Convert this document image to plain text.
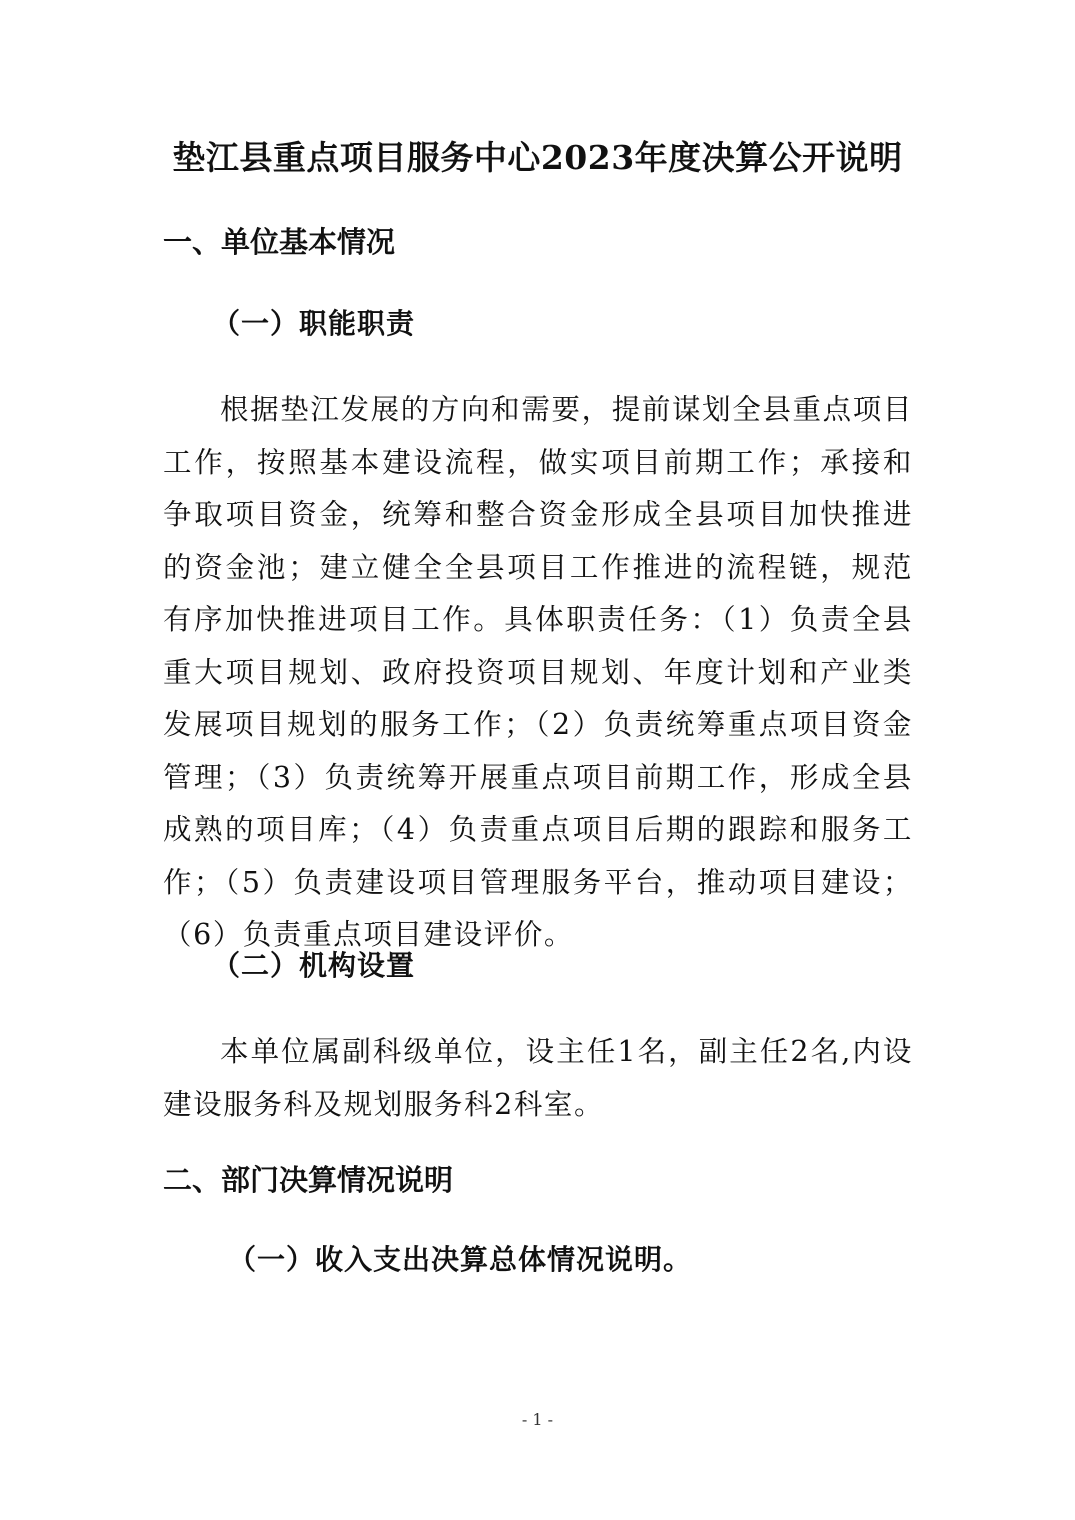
垫江县重点项目服务中心2023年度决算公开说明
一、单位基本情况
（一）职能职责

根据垫江发展的方向和需要，提前谋划全县重点项目工作，按照基本建设流程，做实项目前期工作；承接和争取项目资金，统筹和整合资金形成全县项目加快推进的资金池；建立健全全县项目工作推进的流程链，规范有序加快推进项目工作。具体职责任务：（1）负责全县重大项目规划、政府投资项目规划、年度计划和产业类发展项目规划的服务工作；（2）负责统筹重点项目资金管理；（3）负责统筹开展重点项目前期工作，形成全县成熟的项目库；（4）负责重点项目后期的跟踪和服务工作；（5）负责建设项目管理服务平台，推动项目建设；（6）负责重点项目建设评价。

（二）机构设置

本单位属副科级单位，设主任1名，副主任2名,内设建设服务科及规划服务科2科室。

二、部门决算情况说明
（一）收入支出决算总体情况说明。
- 1 -
